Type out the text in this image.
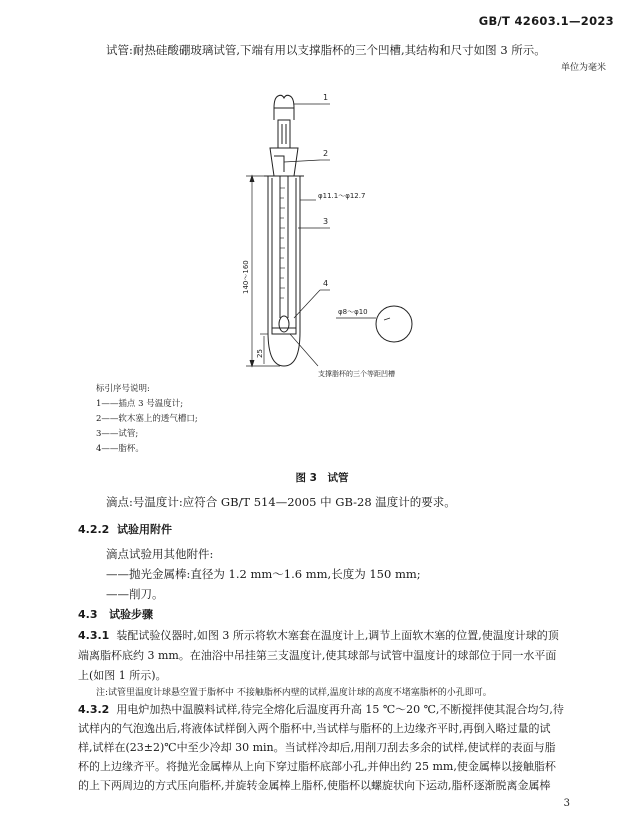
GB/T 42603.1—2023
试管:耐热硅酸硼玻璃试管,下端有用以支撑脂杯的三个凹槽,其结构和尺寸如图 3 所示。
单位为毫米
1
2
3
4
φ11.1～φ12.7
φ8～φ10
支撑脂杯的三个等距凹槽
140～160
25
标引序号说明:
1——插点 3 号温度计;
2——软木塞上的透气槽口;
3——试管;
4——脂杯。
图 3　试管
滴点:号温度计:应符合 GB/T 514—2005 中 GB-28 温度计的要求。
4.2.2 试验用附件
滴点试验用其他附件:
——抛光金属棒:直径为 1.2 mm～1.6 mm,长度为 150 mm;
——削刀。
4.3 试验步骤
4.3.1 装配试验仪器时,如图 3 所示将软木塞套在温度计上,调节上面软木塞的位置,使温度计球的顶
端离脂杯底约 3 mm。在油浴中吊挂第三支温度计,使其球部与试管中温度计的球部位于同一水平面
上(如图 1 所示)。
注:试管里温度计球悬空置于脂杯中 不接触脂杯内壁的试样,温度计球的高度不堵塞脂杯的小孔即可。
4.3.2 用电炉加热中温膜料试样,待完全熔化后温度再升高 15 ℃～20 ℃,不断搅拌使其混合均匀,待
试样内的气泡逸出后,将液体试样倒入两个脂杯中,当试样与脂杯的上边缘齐平时,再倒入略过量的试
样,试样在(23±2)℃中至少冷却 30 min。当试样冷却后,用削刀刮去多余的试样,使试样的表面与脂
杯的上边缘齐平。将抛光金属棒从上向下穿过脂杯底部小孔,并伸出约 25 mm,使金属棒以接触脂杯
的上下两周边的方式压向脂杯,并旋转金属棒上脂杯,使脂杯以螺旋状向下运动,脂杯逐渐脱离金属棒
3
